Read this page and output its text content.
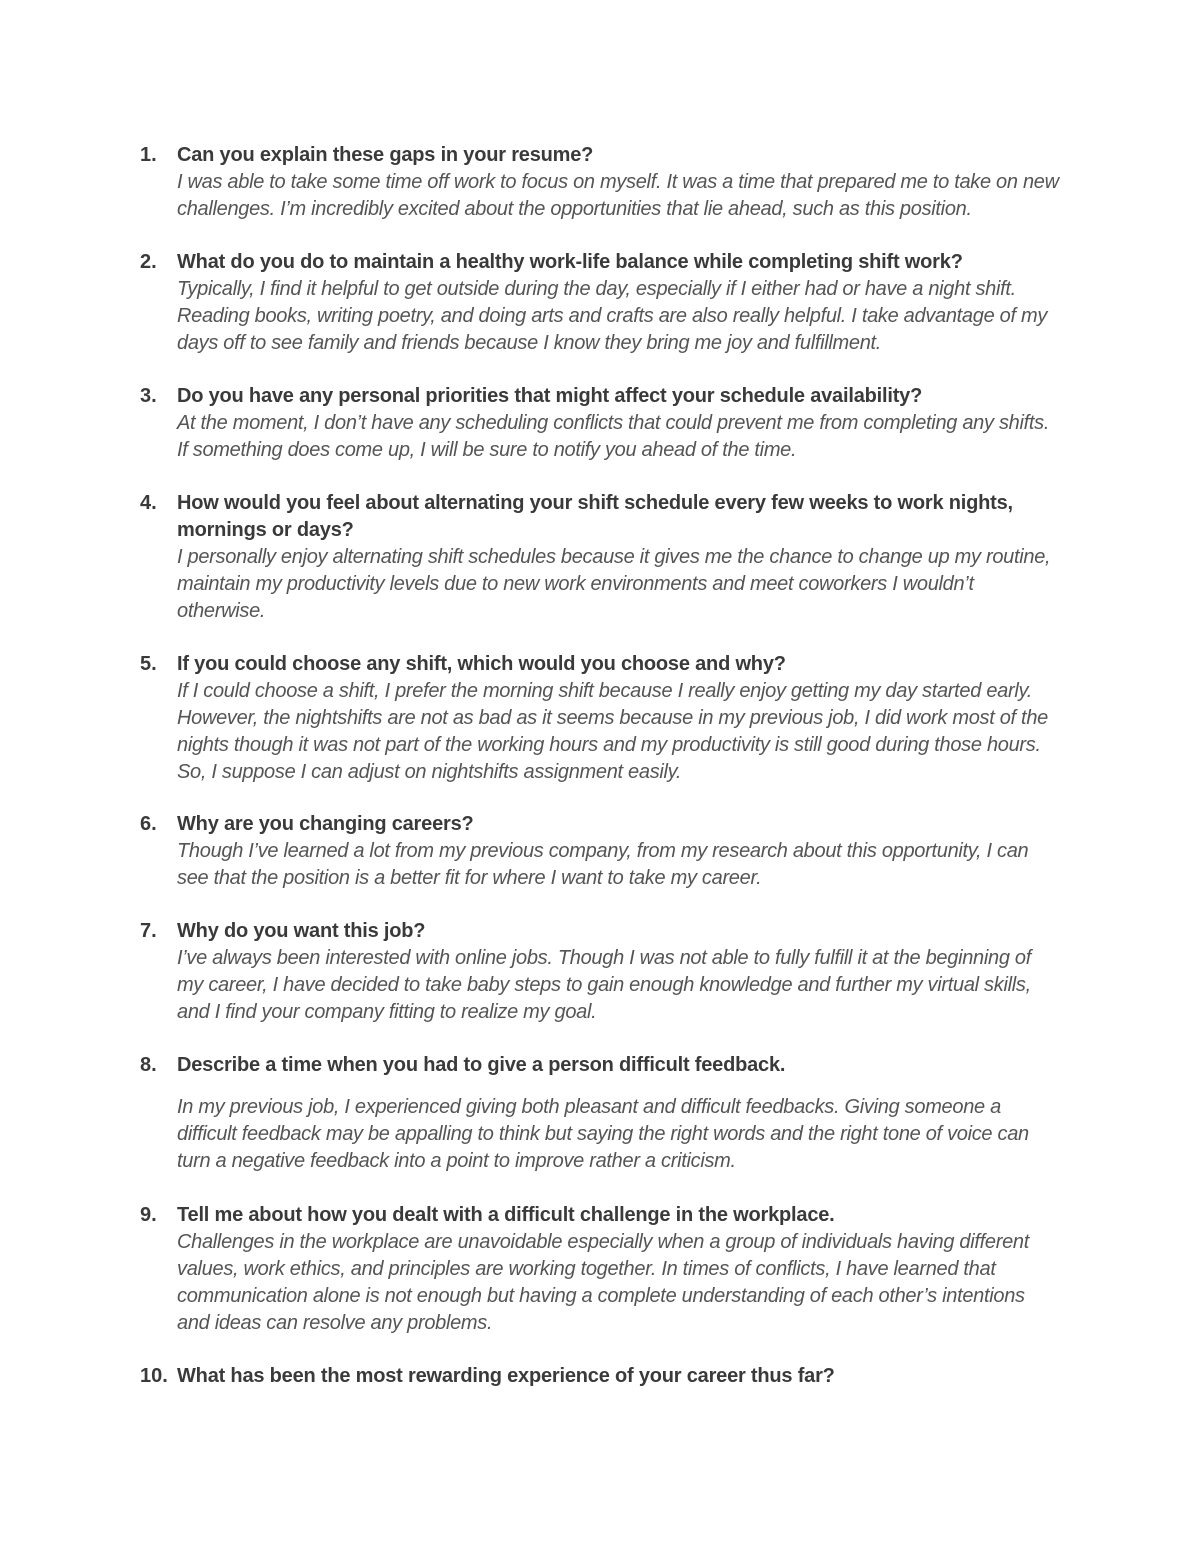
1. Can you explain these gaps in your resume?
I was able to take some time off work to focus on myself. It was a time that prepared me to take on new challenges. I’m incredibly excited about the opportunities that lie ahead, such as this position.
2. What do you do to maintain a healthy work-life balance while completing shift work?
Typically, I find it helpful to get outside during the day, especially if I either had or have a night shift. Reading books, writing poetry, and doing arts and crafts are also really helpful. I take advantage of my days off to see family and friends because I know they bring me joy and fulfillment.
3. Do you have any personal priorities that might affect your schedule availability?
At the moment, I don’t have any scheduling conflicts that could prevent me from completing any shifts. If something does come up, I will be sure to notify you ahead of the time.
4. How would you feel about alternating your shift schedule every few weeks to work nights, mornings or days?
I personally enjoy alternating shift schedules because it gives me the chance to change up my routine, maintain my productivity levels due to new work environments and meet coworkers I wouldn’t otherwise.
5. If you could choose any shift, which would you choose and why?
If I could choose a shift, I prefer the morning shift because I really enjoy getting my day started early. However, the nightshifts are not as bad as it seems because in my previous job, I did work most of the nights though it was not part of the working hours and my productivity is still good during those hours. So, I suppose I can adjust on nightshifts assignment easily.
6. Why are you changing careers?
Though I’ve learned a lot from my previous company, from my research about this opportunity, I can see that the position is a better fit for where I want to take my career.
7. Why do you want this job?
I’ve always been interested with online jobs. Though I was not able to fully fulfill it at the beginning of my career, I have decided to take baby steps to gain enough knowledge and further my virtual skills, and I find your company fitting to realize my goal.
8. Describe a time when you had to give a person difficult feedback.
In my previous job, I experienced giving both pleasant and difficult feedbacks. Giving someone a difficult feedback may be appalling to think but saying the right words and the right tone of voice can turn a negative feedback into a point to improve rather a criticism.
9. Tell me about how you dealt with a difficult challenge in the workplace.
Challenges in the workplace are unavoidable especially when a group of individuals having different values, work ethics, and principles are working together. In times of conflicts, I have learned that communication alone is not enough but having a complete understanding of each other’s intentions and ideas can resolve any problems.
10. What has been the most rewarding experience of your career thus far?
